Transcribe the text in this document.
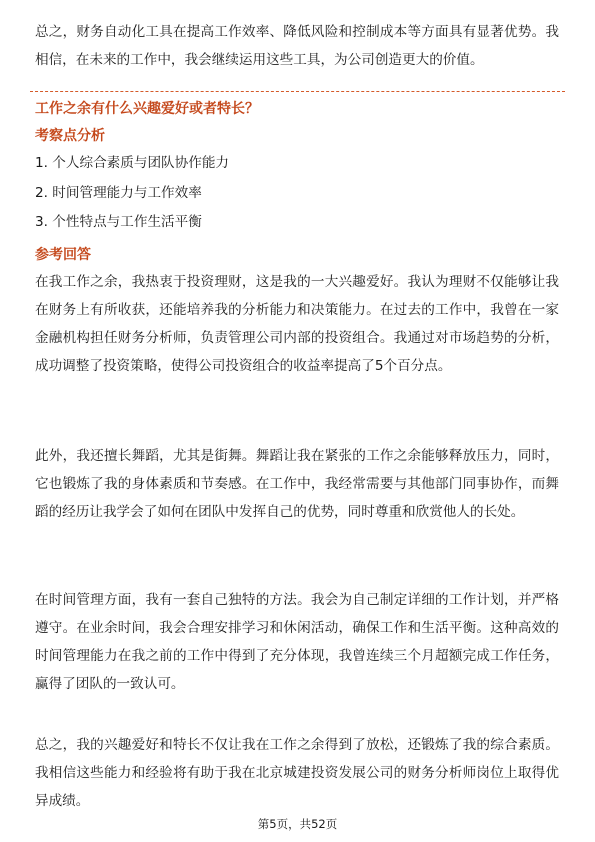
总之，财务自动化工具在提高工作效率、降低风险和控制成本等方面具有显著优势。我相信，在未来的工作中，我会继续运用这些工具，为公司创造更大的价值。

工作之余有什么兴趣爱好或者特长？
考察点分析
1. 个人综合素质与团队协作能力
2. 时间管理能力与工作效率
3. 个性特点与工作生活平衡
参考回答

在我工作之余，我热衷于投资理财，这是我的一大兴趣爱好。我认为理财不仅能够让我在财务上有所收获，还能培养我的分析能力和决策能力。在过去的工作中，我曾在一家金融机构担任财务分析师，负责管理公司内部的投资组合。我通过对市场趋势的分析，成功调整了投资策略，使得公司投资组合的收益率提高了5个百分点。

此外，我还擅长舞蹈，尤其是街舞。舞蹈让我在紧张的工作之余能够释放压力，同时，它也锻炼了我的身体素质和节奏感。在工作中，我经常需要与其他部门同事协作，而舞蹈的经历让我学会了如何在团队中发挥自己的优势，同时尊重和欣赏他人的长处。

在时间管理方面，我有一套自己独特的方法。我会为自己制定详细的工作计划，并严格遵守。在业余时间，我会合理安排学习和休闲活动，确保工作和生活平衡。这种高效的时间管理能力在我之前的工作中得到了充分体现，我曾连续三个月超额完成工作任务，赢得了团队的一致认可。

总之，我的兴趣爱好和特长不仅让我在工作之余得到了放松，还锻炼了我的综合素质。我相信这些能力和经验将有助于我在北京城建投资发展公司的财务分析师岗位上取得优异成绩。

第5页，共52页
